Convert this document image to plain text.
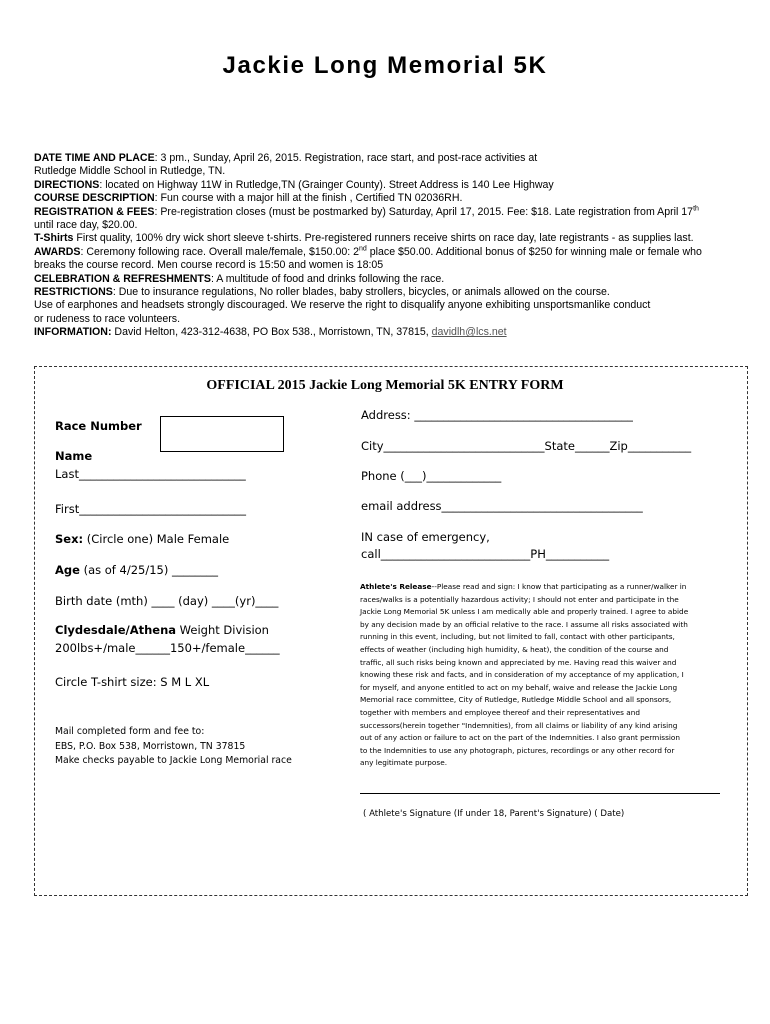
Jackie Long Memorial 5K
DATE TIME AND PLACE: 3 pm., Sunday, April 26, 2015. Registration, race start, and post-race activities at
Rutledge Middle School in Rutledge, TN.
DIRECTIONS: located on Highway 11W in Rutledge,TN (Grainger County). Street Address is 140 Lee Highway
COURSE DESCRIPTION: Fun course with a major hill at the finish , Certified TN 02036RH.
REGISTRATION & FEES: Pre-registration closes (must be postmarked by) Saturday, April 17, 2015. Fee: $18. Late registration from April 17th
until race day, $20.00.
T-Shirts First quality, 100% dry wick short sleeve t-shirts. Pre-registered runners receive shirts on race day, late registrants - as supplies last.
AWARDS: Ceremony following race. Overall male/female, $150.00: 2nd place $50.00. Additional bonus of $250 for winning male or female who
breaks the course record. Men course record is 15:50 and women is 18:05
CELEBRATION & REFRESHMENTS: A multitude of food and drinks following the race.
RESTRICTIONS: Due to insurance regulations, No roller blades, baby strollers, bicycles, or animals allowed on the course.
Use of earphones and headsets strongly discouraged. We reserve the right to disqualify anyone exhibiting unsportsmanlike conduct
or rudeness to race volunteers.
INFORMATION: David Helton, 423-312-4638, PO Box 538., Morristown, TN, 37815, davidlh@lcs.net
OFFICIAL 2015 Jackie Long Memorial 5K ENTRY FORM
Race Number
Name
Last_____________________________
First_____________________________
Sex: (Circle one) Male Female
Age (as of 4/25/15) ________
Birth date (mth) ____ (day) ____(yr)____
Clydesdale/Athena Weight Division
200lbs+/male______150+/female______
Circle T-shirt size: S M L XL
Mail completed form and fee to:
EBS, P.O. Box 538, Morristown, TN 37815
Make checks payable to Jackie Long Memorial race
Address: ______________________________________
City____________________________State______Zip___________
Phone (___)_____________
email address___________________________________
IN case of emergency,
call__________________________PH___________
Athlete's Release--Please read and sign: I know that participating as a runner/walker in
races/walks is a potentially hazardous activity; I should not enter and participate in the
Jackie Long Memorial 5K unless I am medically able and properly trained. I agree to abide
by any decision made by an official relative to the race. I assume all risks associated with
running in this event, including, but not limited to fall, contact with other participants,
effects of weather (including high humidity, & heat), the condition of the course and
traffic, all such risks being known and appreciated by me. Having read this waiver and
knowing these risk and facts, and in consideration of my acceptance of my application, I
for myself, and anyone entitled to act on my behalf, waive and release the Jackie Long
Memorial race committee, City of Rutledge, Rutledge Middle School and all sponsors,
together with members and employee thereof and their representatives and
successors(herein together "Indemnities), from all claims or liability of any kind arising
out of any action or failure to act on the part of the Indemnities. I also grant permission
to the Indemnities to use any photograph, pictures, recordings or any other record for
any legitimate purpose.
( Athlete's Signature (If under 18, Parent's Signature) ( Date)
